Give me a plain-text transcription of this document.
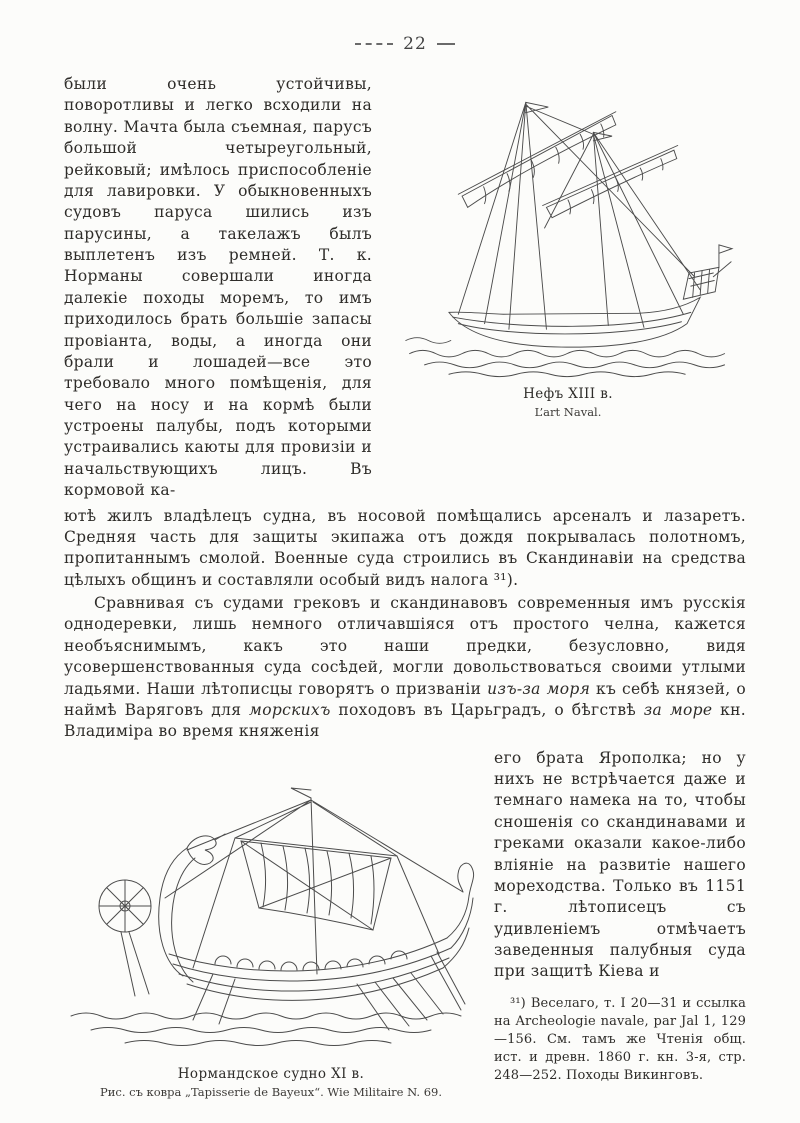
22

были очень устойчивы, поворотливы и легко всходили на волну. Мачта была съемная, парусъ большой четыреугольный, рейковый; имѣлось приспособленіе для лавировки. У обыкновенныхъ судовъ паруса шились изъ парусины, а такелажъ былъ выплетенъ изъ ремней. Т. к. Норманы совершали иногда далекіе походы моремъ, то имъ приходилось брать большіе запасы провіанта, воды, а иногда они брали и лошадей—все это требовало много помѣщенія, для чего на носу и на кормѣ были устроены палубы, подъ которыми устраивались каюты для провизіи и начальствующихъ лицъ. Въ кормовой ка-

Нефъ XIII в.
L’art Naval.

ютѣ жилъ владѣлецъ судна, въ носовой помѣщались арсеналъ и лазаретъ. Средняя часть для защиты экипажа отъ дождя покрывалась полотномъ, пропитаннымъ смолой. Военные суда строились въ Скандинавіи на средства цѣлыхъ общинъ и составляли особый видъ налога ³¹).

Сравнивая съ судами грековъ и скандинавовъ современныя имъ русскія однодеревки, лишь немного отличавшіяся отъ простого челна, кажется необъяснимымъ, какъ это наши предки, безусловно, видя усовершенствованныя суда сосѣдей, могли довольствоваться своими утлыми ладьями. Наши лѣтописцы говорятъ о призваніи изъ-за моря къ себѣ князей, о наймѣ Варяговъ для морскихъ походовъ въ Царьградъ, о бѣгствѣ за море кн. Владиміра во время княженія

Нормандское судно XI в.
Рис. съ ковра „Tapisserie de Bayeux“. Wie Militaire N. 69.

его брата Ярополка; но у нихъ не встрѣчается даже и темнаго намека на то, чтобы сношенія со скандинавами и греками оказали какое-либо вліяніе на развитіе нашего мореходства. Только въ 1151 г. лѣтописецъ съ удивленіемъ отмѣчаетъ заведенныя палубныя суда при защитѣ Кіева и

³¹) Веселаго, т. I 20—31 и ссылка на Archeologie navale, par Jal 1, 129—156. См. тамъ же Чтенія общ. ист. и древн. 1860 г. кн. 3-я, стр. 248—252. Походы Викинговъ.
